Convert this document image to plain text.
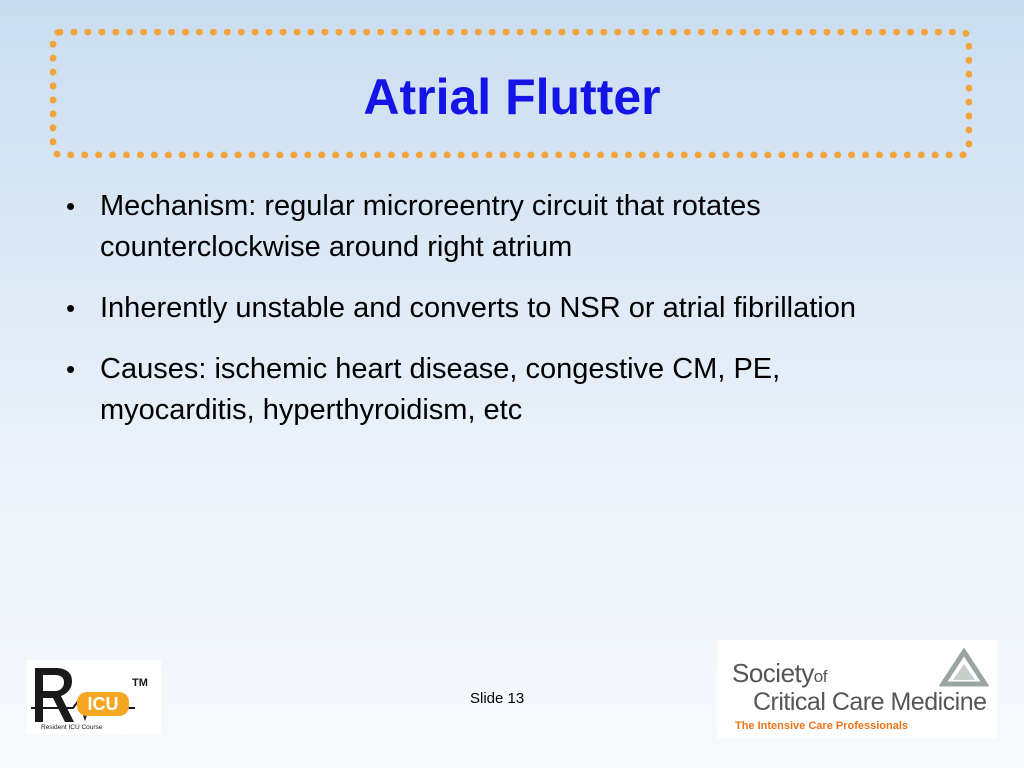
Atrial Flutter
• Mechanism: regular microreentry circuit that rotates counterclockwise around right atrium
• Inherently unstable and converts to NSR or atrial fibrillation
• Causes: ischemic heart disease, congestive CM, PE, myocarditis, hyperthyroidism, etc
Slide 13
ICU
TM
Resident ICU Course
Societyof
Critical Care Medicine
The Intensive Care Professionals
